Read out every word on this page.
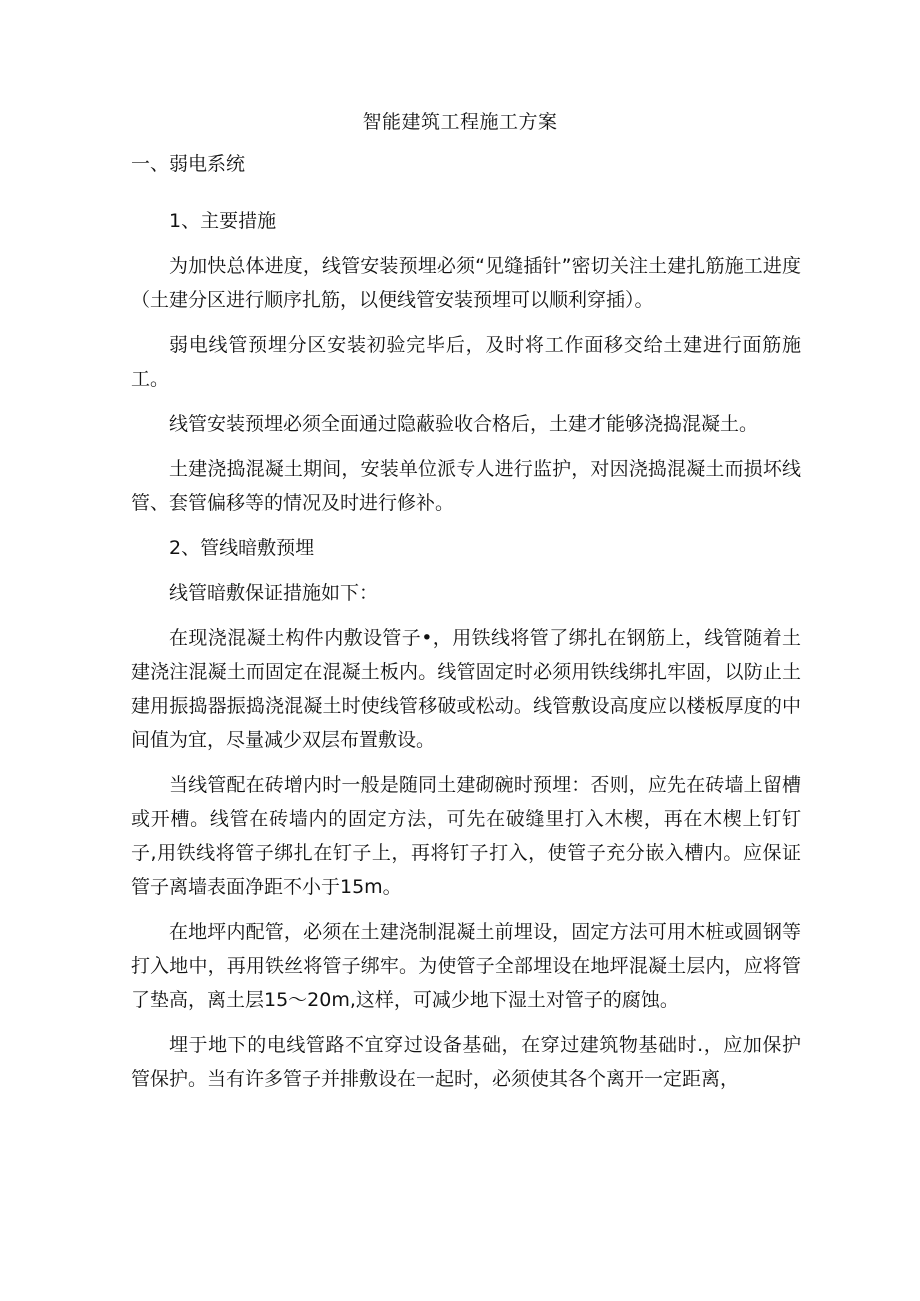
智能建筑工程施工方案
一、弱电系统

1、主要措施

为加快总体进度，线管安装预埋必须“见缝插针”密切关注土建扎筋施工进度（土建分区进行顺序扎筋，以便线管安装预埋可以顺利穿插）。

弱电线管预埋分区安装初验完毕后，及时将工作面移交给土建进行面筋施工。

线管安装预埋必须全面通过隐蔽验收合格后，土建才能够浇捣混凝土。

土建浇捣混凝土期间，安装单位派专人进行监护，对因浇捣混凝土而损坏线管、套管偏移等的情况及时进行修补。

2、管线暗敷预埋

线管暗敷保证措施如下：

在现浇混凝土构件内敷设管子•，用铁线将管了绑扎在钢筋上，线管随着土建浇注混凝土而固定在混凝土板内。线管固定时必须用铁线绑扎牢固，以防止土建用振捣器振捣浇混凝土时使线管移破或松动。线管敷设高度应以楼板厚度的中间值为宜，尽量减少双层布置敷设。

当线管配在砖增内时一般是随同土建砌碗时预埋：否则，应先在砖墙上留槽或开槽。线管在砖墙内的固定方法，可先在破缝里打入木楔，再在木楔上钉钉子,用铁线将管子绑扎在钉子上，再将钉子打入，使管子充分嵌入槽内。应保证管子离墙表面净距不小于15m。

在地坪内配管，必须在土建浇制混凝土前埋设，固定方法可用木桩或圆钢等打入地中，再用铁丝将管子绑牢。为使管子全部埋设在地坪混凝土层内，应将管了垫高，离土层15〜20m,这样，可减少地下湿土对管子的腐蚀。

埋于地下的电线管路不宜穿过设备基础，在穿过建筑物基础时.，应加保护管保护。当有许多管子并排敷设在一起时，必须使其各个离开一定距离，
